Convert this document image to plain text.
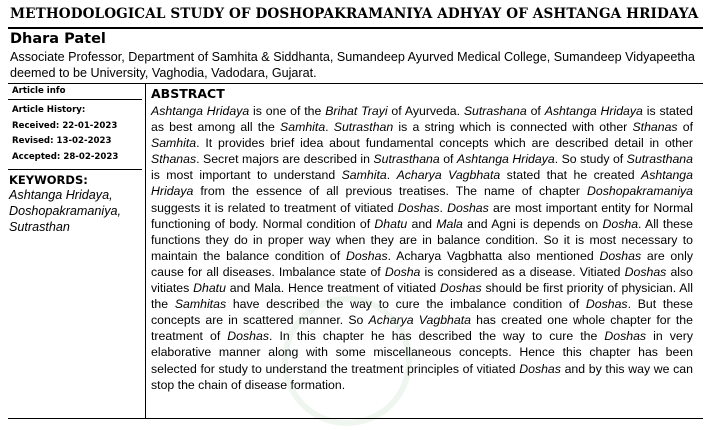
METHODOLOGICAL STUDY OF DOSHOPAKRAMANIYA ADHYAY OF ASHTANGA HRIDAYA
Dhara Patel
Associate Professor, Department of Samhita & Siddhanta, Sumandeep Ayurved Medical College, Sumandeep Vidyapeetha deemed to be University, Vaghodia, Vadodara, Gujarat.
Article info
Article History:
Received: 22-01-2023
Revised: 13-02-2023
Accepted: 28-02-2023
KEYWORDS:
Ashtanga Hridaya,
Doshopakramaniya,
Sutrasthan
ABSTRACT
Ashtanga Hridaya is one of the Brihat Trayi of Ayurveda. Sutrashana of Ashtanga Hridaya is stated as best among all the Samhita. Sutrasthan is a string which is connected with other Sthanas of Samhita. It provides brief idea about fundamental concepts which are described detail in other Sthanas. Secret majors are described in Sutrasthana of Ashtanga Hridaya. So study of Sutrasthana is most important to understand Samhita. Acharya Vagbhata stated that he created Ashtanga Hridaya from the essence of all previous treatises. The name of chapter Doshopakramaniya suggests it is related to treatment of vitiated Doshas. Doshas are most important entity for Normal functioning of body. Normal condition of Dhatu and Mala and Agni is depends on Dosha. All these functions they do in proper way when they are in balance condition. So it is most necessary to maintain the balance condition of Doshas. Acharya Vagbhatta also mentioned Doshas are only cause for all diseases. Imbalance state of Dosha is considered as a disease. Vitiated Doshas also vitiates Dhatu and Mala. Hence treatment of vitiated Doshas should be first priority of physician. All the Samhitas have described the way to cure the imbalance condition of Doshas. But these concepts are in scattered manner. So Acharya Vagbhata has created one whole chapter for the treatment of Doshas. In this chapter he has described the way to cure the Doshas in very elaborative manner along with some miscellaneous concepts. Hence this chapter has been selected for study to understand the treatment principles of vitiated Doshas and by this way we can stop the chain of disease formation.
